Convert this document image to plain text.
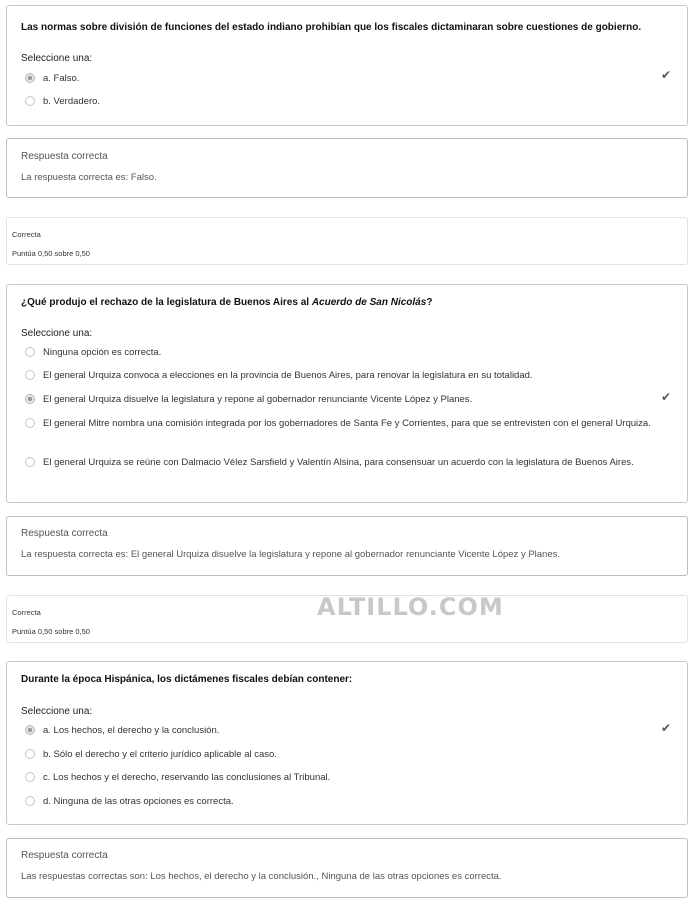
Las normas sobre división de funciones del estado indiano prohibían que los fiscales dictaminaran sobre cuestiones de gobierno.
Seleccione una:
a. Falso.
b. Verdadero.
✔
Respuesta correcta
La respuesta correcta es: Falso.
Correcta
Puntúa 0,50 sobre 0,50
¿Qué produjo el rechazo de la legislatura de Buenos Aires al Acuerdo de San Nicolás?
Seleccione una:
Ninguna opción es correcta.
El general Urquiza convoca a elecciones en la provincia de Buenos Aires, para renovar la legislatura en su totalidad.
El general Urquiza disuelve la legislatura y repone al gobernador renunciante Vicente López y Planes.
El general Mitre nombra una comisión integrada por los gobernadores de Santa Fe y Corrientes, para que se entrevisten con el general Urquiza.
El general Urquiza se reúne con Dalmacio Vélez Sarsfield y Valentín Alsina, para consensuar un acuerdo con la legislatura de Buenos Aires.
✔
Respuesta correcta
La respuesta correcta es: El general Urquiza disuelve la legislatura y repone al gobernador renunciante Vicente López y Planes.
Correcta
Puntúa 0,50 sobre 0,50
ALTILLO.COM
Durante la época Hispánica, los dictámenes fiscales debían contener:
Seleccione una:
a. Los hechos, el derecho y la conclusión.
b. Sólo el derecho y el criterio jurídico aplicable al caso.
c. Los hechos y el derecho, reservando las conclusiones al Tribunal.
d. Ninguna de las otras opciones es correcta.
✔
Respuesta correcta
Las respuestas correctas son: Los hechos, el derecho y la conclusión., Ninguna de las otras opciones es correcta.
